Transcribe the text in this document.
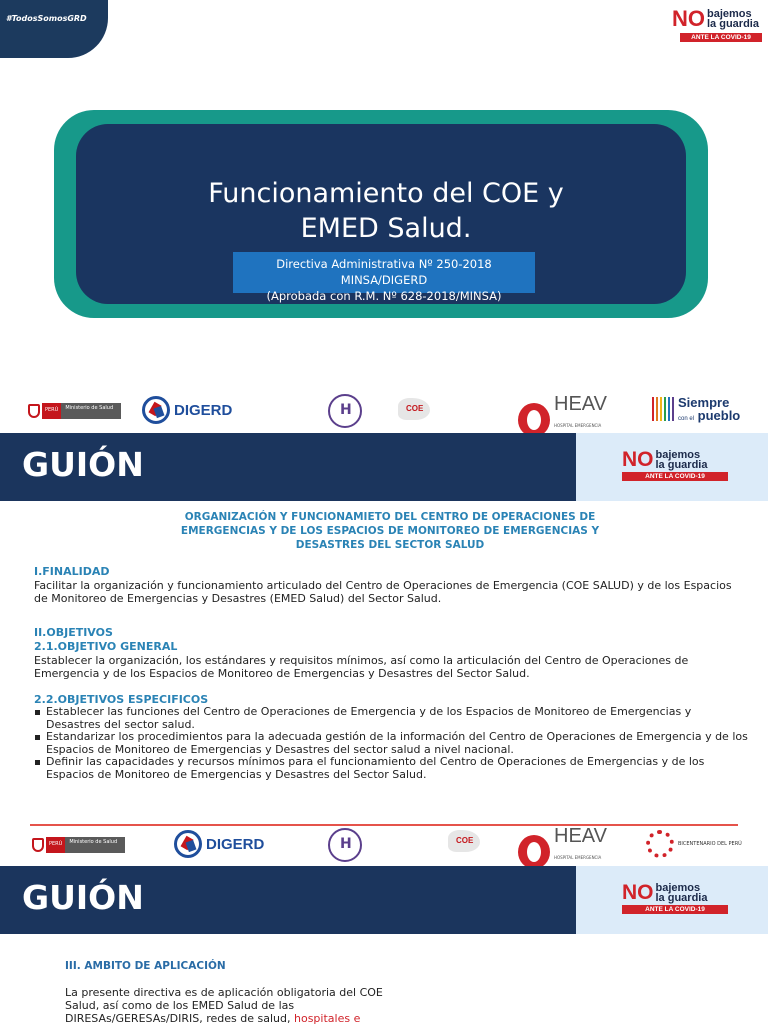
#TodosSomosGRD	NO bajemos
la guardia
ANTE LA COVID-19
Funcionamiento del COE y
EMED Salud.
Directiva Administrativa Nº 250-2018 MINSA/DIGERD
(Aprobada con R.M. Nº 628-2018/MINSA)
PERÚ	Ministerio de Salud	DIGERD H	COE	HEAV
HOSPITAL EMERGENCIA

Siempre
con el pueblo
GUIÓN	NO bajemos
la guardia
ANTE LA COVID-19
ORGANIZACIÓN Y FUNCIONAMIETO DEL CENTRO DE OPERACIONES DE
EMERGENCIAS Y DE LOS ESPACIOS DE MONITOREO DE EMERGENCIAS Y
DESASTRES DEL SECTOR SALUD
I.FINALIDAD
Facilitar la organización y funcionamiento articulado del Centro de Operaciones de Emergencia (COE SALUD) y de los Espacios de Monitoreo de Emergencias y Desastres (EMED Salud) del Sector Salud.
II.OBJETIVOS
2.1.OBJETIVO GENERAL
Establecer la organización, los estándares y requisitos mínimos, así como la articulación del Centro de Operaciones de Emergencia y de los Espacios de Monitoreo de Emergencias y Desastres del Sector Salud.
2.2.OBJETIVOS ESPECIFICOS
Establecer las funciones del Centro de Operaciones de Emergencia y de los Espacios de Monitoreo de Emergencias y Desastres del sector salud.
Estandarizar los procedimientos para la adecuada gestión de la información del Centro de Operaciones de Emergencia y de los Espacios de Monitoreo de Emergencias y Desastres del sector salud a nivel nacional.
Definir las capacidades y recursos mínimos para el funcionamiento del Centro de Operaciones de Emergencias y de los Espacios de Monitoreo de Emergencias y Desastres del Sector Salud.
PERÚ	Ministerio de Salud	DIGERD H	COE	HEAV
HOSPITAL EMERGENCIA

BICENTENARIO DEL PERÚ
GUIÓN	NO bajemos
la guardia
ANTE LA COVID-19
III. AMBITO DE APLICACIÓN
La presente directiva es de aplicación obligatoria del COE Salud, así como de los EMED Salud de las DIRESAs/GERESAs/DIRIS, redes de salud, hospitales e
